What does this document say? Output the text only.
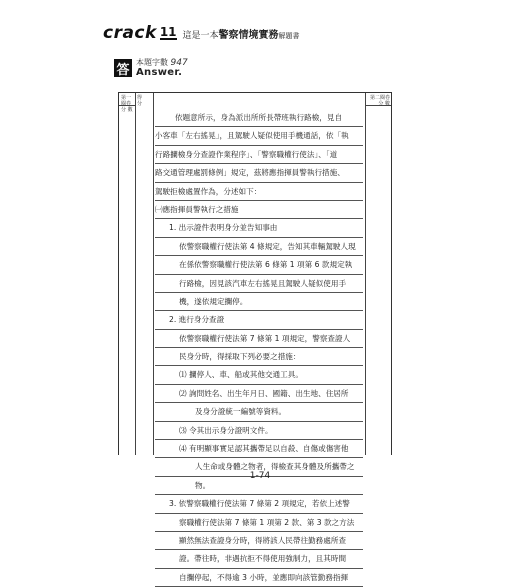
crack 11 這是一本警察情境實務解題書
答 本題字數 947
Answer.
第一閱卷
分 數
得
分
第二閱卷
分 數
依題意所示，身為派出所所長帶班執行路檢，見自
小客車「左右搖晃」，且駕駛人疑似使用手機通話，依「執
行路攔檢身分查證作業程序」、「警察職權行使法」、「道
路交通管理處罰條例」規定，茲將應指揮員警執行措施、
駕駛拒檢處置作為，分述如下：
㈠應指揮員警執行之措施
1. 出示證件表明身分並告知事由
依警察職權行使法第 4 條規定，告知其車輛駕駛人現
在係依警察職權行使法第 6 條第 1 項第 6 款規定執
行路檢，因見該汽車左右搖晃且駕駛人疑似使用手
機，遂依規定攔停。
2. 進行身分查證
依警察職權行使法第 7 條第 1 項規定，警察查證人
民身分時，得採取下列必要之措施：
⑴ 攔停人、車、船或其他交通工具。
⑵ 詢問姓名、出生年月日、國籍、出生地、住居所
及身分證統一編號等資料。
⑶ 令其出示身分證明文件。
⑷ 有明顯事實足認其攜帶足以自殺、自傷或傷害他
人生命或身體之物者，得檢查其身體及所攜帶之
物。
3. 依警察職權行使法第 7 條第 2 項規定，若依上述警
察職權行使法第 7 條第 1 項第 2 款、第 3 款之方法
顯然無法查證身分時，得將該人民帶往勤務處所查
證。帶往時，非遇抗拒不得使用強制力，且其時間
自攔停起，不得逾 3 小時，並應即向該管勤務指揮
1-74
